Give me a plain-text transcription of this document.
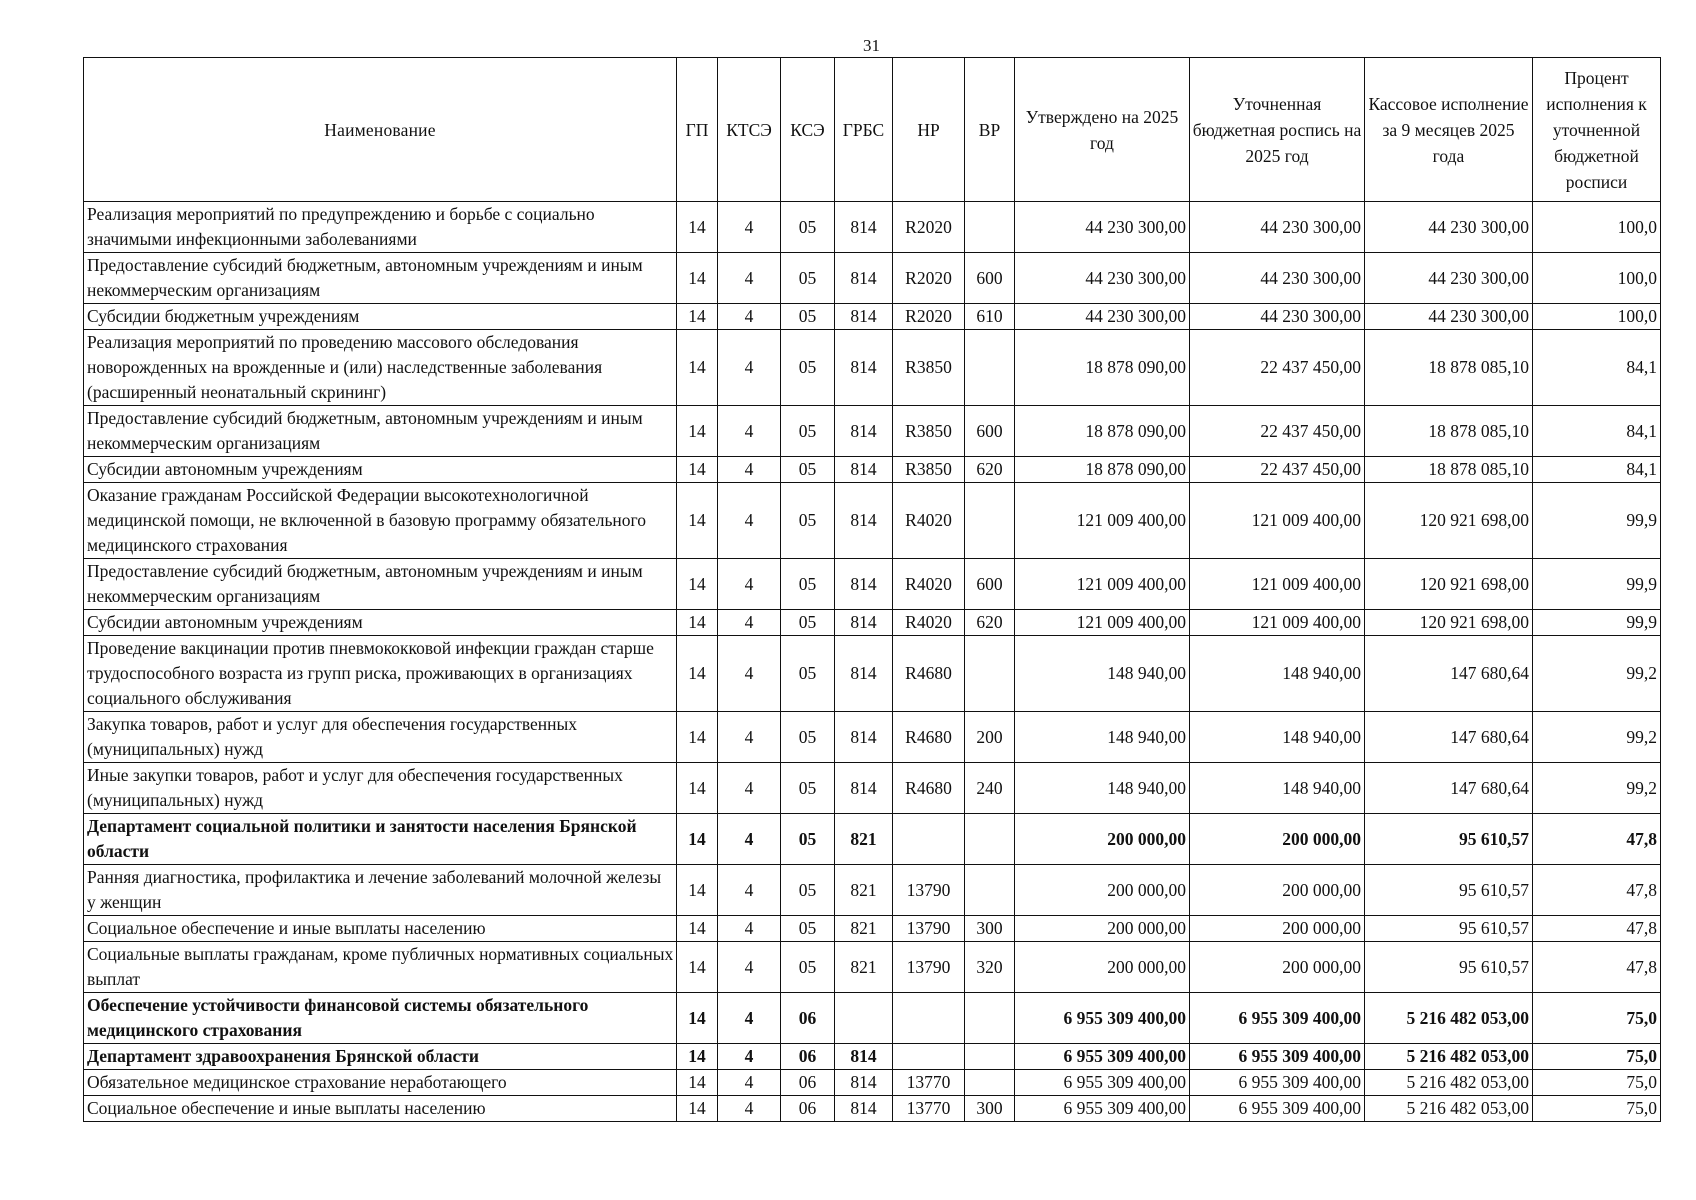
31
Наименование	ГП	КТСЭ	КСЭ	ГРБС	НР	ВР	Утверждено на 2025 год	Уточненная бюджетная роспись на 2025 год	Кассовое исполнение за 9 месяцев 2025 года	Процент исполнения к уточненной бюджетной росписи
Реализация мероприятий по предупреждению и борьбе с социально значимыми инфекционными заболеваниями	14	4	05	814	R2020		44 230 300,00	44 230 300,00	44 230 300,00	100,0
Предоставление субсидий бюджетным, автономным учреждениям и иным некоммерческим организациям	14	4	05	814	R2020	600	44 230 300,00	44 230 300,00	44 230 300,00	100,0
Субсидии бюджетным учреждениям	14	4	05	814	R2020	610	44 230 300,00	44 230 300,00	44 230 300,00	100,0
Реализация мероприятий по проведению массового обследования новорожденных на врожденные и (или) наследственные заболевания (расширенный неонатальный скрининг)	14	4	05	814	R3850		18 878 090,00	22 437 450,00	18 878 085,10	84,1
Предоставление субсидий бюджетным, автономным учреждениям и иным некоммерческим организациям	14	4	05	814	R3850	600	18 878 090,00	22 437 450,00	18 878 085,10	84,1
Субсидии автономным учреждениям	14	4	05	814	R3850	620	18 878 090,00	22 437 450,00	18 878 085,10	84,1
Оказание гражданам Российской Федерации высокотехнологичной медицинской помощи, не включенной в базовую программу обязательного медицинского страхования	14	4	05	814	R4020		121 009 400,00	121 009 400,00	120 921 698,00	99,9
Предоставление субсидий бюджетным, автономным учреждениям и иным некоммерческим организациям	14	4	05	814	R4020	600	121 009 400,00	121 009 400,00	120 921 698,00	99,9
Субсидии автономным учреждениям	14	4	05	814	R4020	620	121 009 400,00	121 009 400,00	120 921 698,00	99,9
Проведение вакцинации против пневмококковой инфекции граждан старше трудоспособного возраста из групп риска, проживающих в организациях социального обслуживания	14	4	05	814	R4680		148 940,00	148 940,00	147 680,64	99,2
Закупка товаров, работ и услуг для обеспечения государственных (муниципальных) нужд	14	4	05	814	R4680	200	148 940,00	148 940,00	147 680,64	99,2
Иные закупки товаров, работ и услуг для обеспечения государственных (муниципальных) нужд	14	4	05	814	R4680	240	148 940,00	148 940,00	147 680,64	99,2
Департамент социальной политики и занятости населения Брянской области	14	4	05	821			200 000,00	200 000,00	95 610,57	47,8
Ранняя диагностика, профилактика и лечение заболеваний молочной железы у женщин	14	4	05	821	13790		200 000,00	200 000,00	95 610,57	47,8
Социальное обеспечение и иные выплаты населению	14	4	05	821	13790	300	200 000,00	200 000,00	95 610,57	47,8
Социальные выплаты гражданам, кроме публичных нормативных социальных выплат	14	4	05	821	13790	320	200 000,00	200 000,00	95 610,57	47,8
Обеспечение устойчивости финансовой системы обязательного медицинского страхования	14	4	06				6 955 309 400,00	6 955 309 400,00	5 216 482 053,00	75,0
Департамент здравоохранения Брянской области	14	4	06	814			6 955 309 400,00	6 955 309 400,00	5 216 482 053,00	75,0
Обязательное медицинское страхование неработающего	14	4	06	814	13770		6 955 309 400,00	6 955 309 400,00	5 216 482 053,00	75,0
Социальное обеспечение и иные выплаты населению	14	4	06	814	13770	300	6 955 309 400,00	6 955 309 400,00	5 216 482 053,00	75,0
